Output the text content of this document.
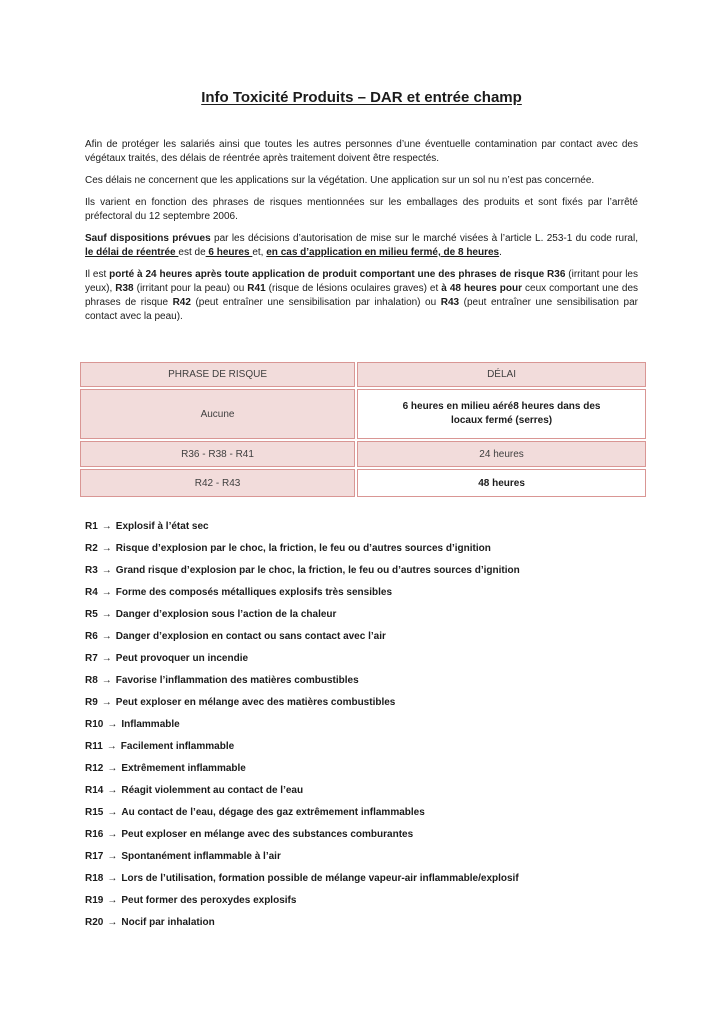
Info Toxicité Produits – DAR et entrée champ

Afin de protéger les salariés ainsi que toutes les autres personnes d’une éventuelle contamination par contact avec des végétaux traités, des délais de réentrée après traitement doivent être respectés.

Ces délais ne concernent que les applications sur la végétation. Une application sur un sol nu n’est pas concernée.

Ils varient en fonction des phrases de risques mentionnées sur les emballages des produits et sont fixés par l’arrêté préfectoral du 12 septembre 2006.

Sauf dispositions prévues par les décisions d’autorisation de mise sur le marché visées à l’article L. 253-1 du code rural, le délai de réentrée est de 6 heures et, en cas d’application en milieu fermé, de 8 heures.

Il est porté à 24 heures après toute application de produit comportant une des phrases de risque R36 (irritant pour les yeux), R38 (irritant pour la peau) ou R41 (risque de lésions oculaires graves) et à 48 heures pour ceux comportant une des phrases de risque R42 (peut entraîner une sensibilisation par inhalation) ou R43 (peut entraîner une sensibilisation par contact avec la peau).

PHRASE DE RISQUE	DÉLAI
Aucune	6 heures en milieu aéré8 heures dans des locaux fermé (serres)
R36 - R38 - R41	24 heures
R42 - R43	48 heures

R1 → Explosif à l’état sec

R2 → Risque d’explosion par le choc, la friction, le feu ou d’autres sources d’ignition

R3 → Grand risque d’explosion par le choc, la friction, le feu ou d’autres sources d’ignition

R4 → Forme des composés métalliques explosifs très sensibles

R5 → Danger d’explosion sous l’action de la chaleur

R6 → Danger d’explosion en contact ou sans contact avec l’air

R7 → Peut provoquer un incendie

R8 → Favorise l’inflammation des matières combustibles

R9 → Peut exploser en mélange avec des matières combustibles

R10 → Inflammable

R11 → Facilement inflammable

R12 → Extrêmement inflammable

R14 → Réagit violemment au contact de l’eau

R15 → Au contact de l’eau, dégage des gaz extrêmement inflammables

R16 → Peut exploser en mélange avec des substances comburantes

R17 → Spontanément inflammable à l’air

R18 → Lors de l’utilisation, formation possible de mélange vapeur-air inflammable/explosif

R19 → Peut former des peroxydes explosifs

R20 → Nocif par inhalation
